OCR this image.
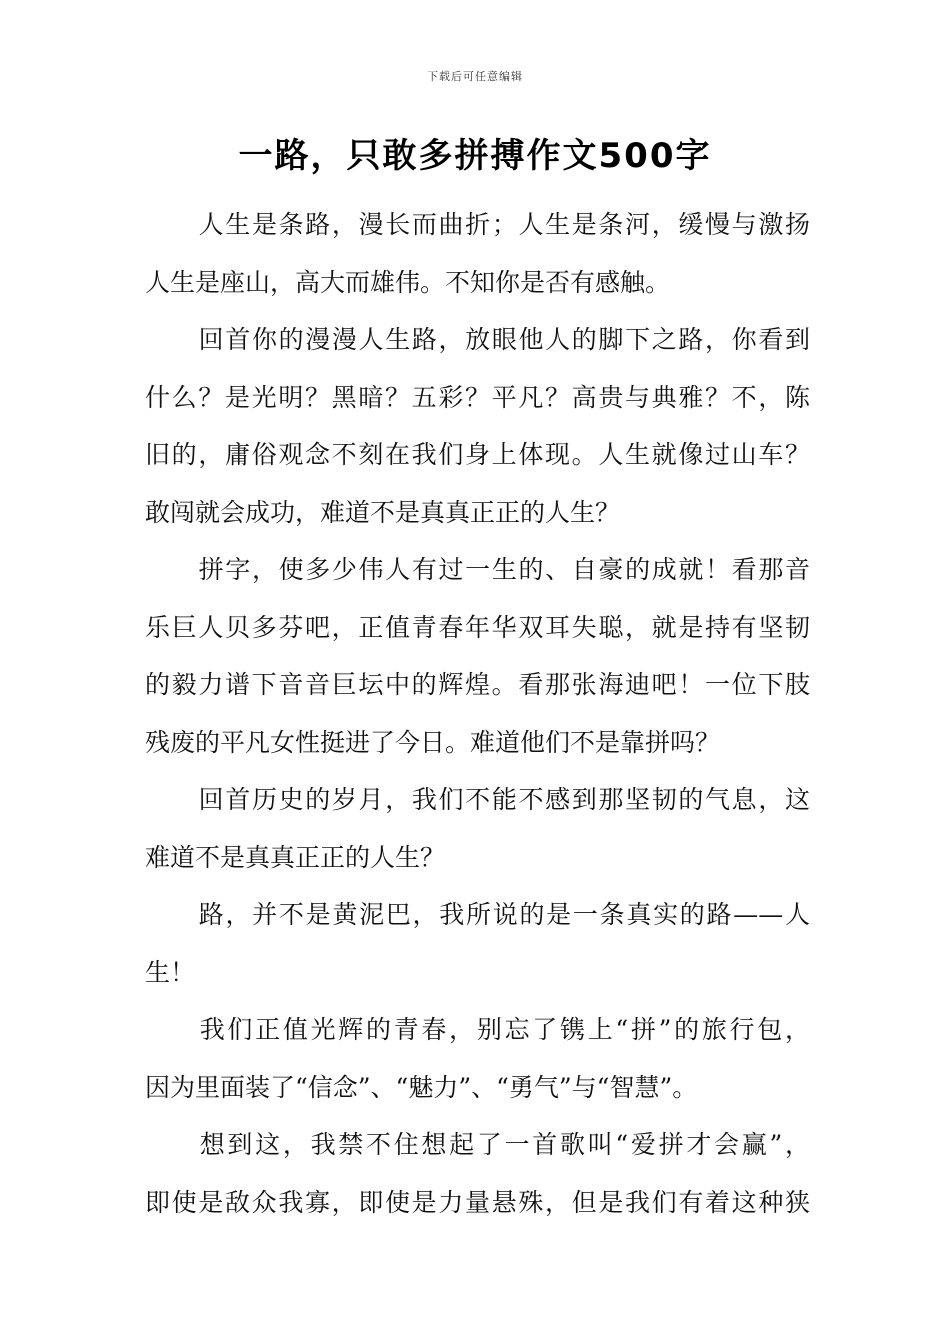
下载后可任意编辑
一路，只敢多拼搏作文500字
人生是条路，漫长而曲折；人生是条河，缓慢与激扬
人生是座山，高大而雄伟。不知你是否有感触。
回首你的漫漫人生路，放眼他人的脚下之路，你看到
什么？是光明？黑暗？五彩？平凡？高贵与典雅？不，陈
旧的，庸俗观念不刻在我们身上体现。人生就像过山车？
敢闯就会成功，难道不是真真正正的人生？
拼字，使多少伟人有过一生的、自豪的成就！看那音
乐巨人贝多芬吧，正值青春年华双耳失聪，就是持有坚韧
的毅力谱下音音巨坛中的辉煌。看那张海迪吧！一位下肢
残废的平凡女性挺进了今日。难道他们不是靠拼吗？
回首历史的岁月，我们不能不感到那坚韧的气息，这
难道不是真真正正的人生？
路，并不是黄泥巴，我所说的是一条真实的路——人
生！
我们正值光辉的青春，别忘了镌上“拼”的旅行包，
因为里面装了“信念”、“魅力”、“勇气”与“智慧”。
想到这，我禁不住想起了一首歌叫“爱拼才会赢”，
即使是敌众我寡，即使是力量悬殊，但是我们有着这种狭
